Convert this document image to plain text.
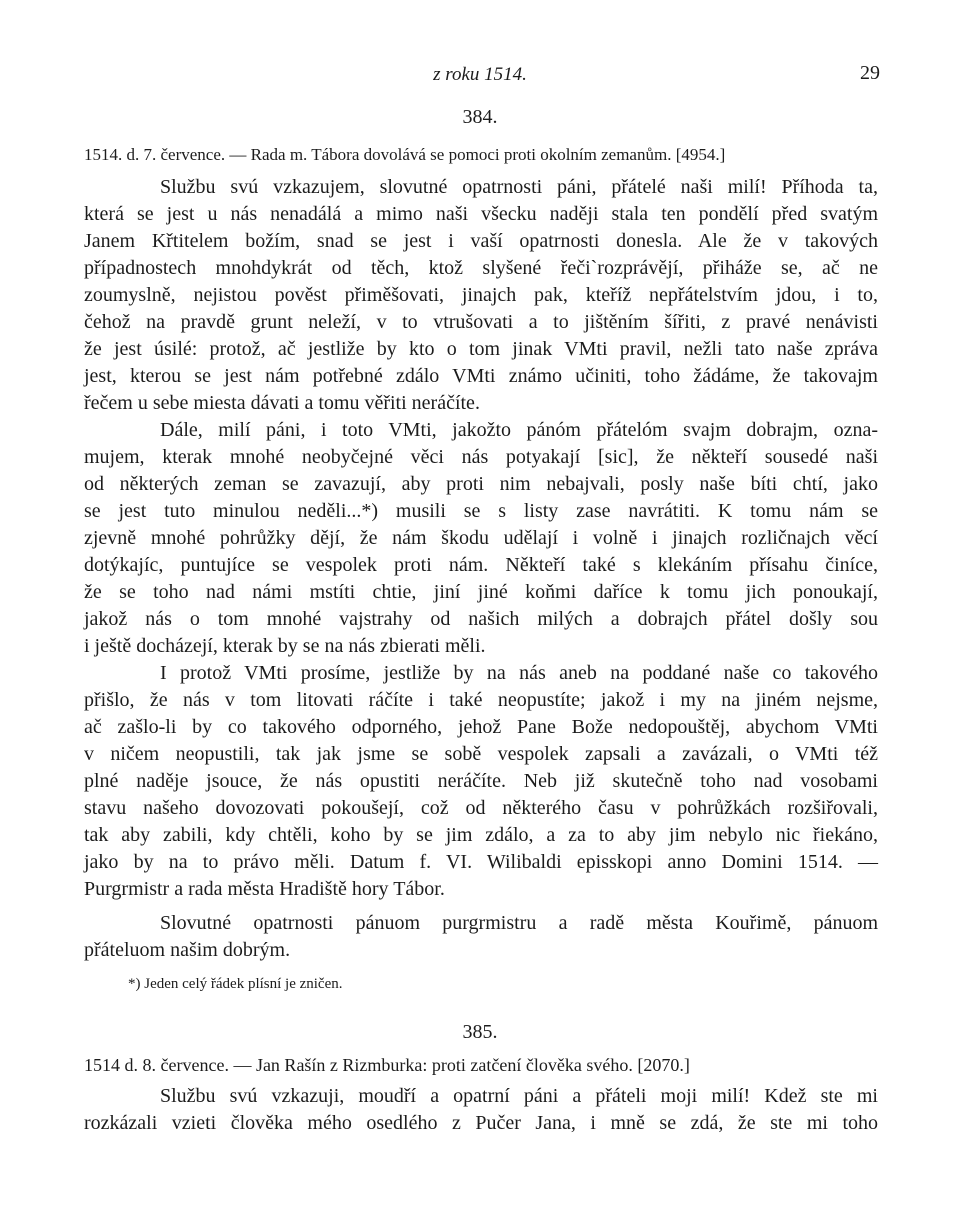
z roku 1514.	29
384.
1514. d. 7. července. — Rada m. Tábora dovolává se pomoci proti okolním zemanům. [4954.]
Službu svú vzkazujem, slovutné opatrnosti páni, přátelé naši milí! Příhoda ta,
která se jest u nás nenadálá a mimo naši všecku naději stala ten pondělí před svatým
Janem Křtitelem božím, snad se jest i vaší opatrnosti donesla. Ale že v takových
případnostech mnohdykrát od těch, ktož slyšené řeči`rozprávějí, přiháže se, ač ne
zoumyslně, nejistou pověst přiměšovati, jinajch pak, kteříž nepřátelstvím jdou, i to,
čehož na pravdě grunt neleží, v to vtrušovati a to jištěním šířiti, z pravé nenávisti
že jest úsilé: protož, ač jestliže by kto o tom jinak VMti pravil, nežli tato naše zpráva
jest, kterou se jest nám potřebné zdálo VMti známo učiniti, toho žádáme, že takovajm
řečem u sebe miesta dávati a tomu věřiti neráčíte.
Dále, milí páni, i toto VMti, jakožto pánóm přátelóm svajm dobrajm, ozna-
mujem, kterak mnohé neobyčejné věci nás potyakají [sic], že někteří sousedé naši
od některých zeman se zavazují, aby proti nim nebajvali, posly naše bíti chtí, jako
se jest tuto minulou neděli...*) musili se s listy zase navrátiti. K tomu nám se
zjevně mnohé pohrůžky dějí, že nám škodu udělají i volně i jinajch rozličnajch věcí
dotýkajíc, puntujíce se vespolek proti nám. Někteří také s klekáním přísahu činíce,
že se toho nad námi mstíti chtie, jiní jiné koňmi daříce k tomu jich ponoukají,
jakož nás o tom mnohé vajstrahy od našich milých a dobrajch přátel došly sou
i ještě docházejí, kterak by se na nás zbierati měli.
I protož VMti prosíme, jestliže by na nás aneb na poddané naše co takového
přišlo, že nás v tom litovati ráčíte i také neopustíte; jakož i my na jiném nejsme,
ač zašlo-li by co takového odporného, jehož Pane Bože nedopouštěj, abychom VMti
v ničem neopustili, tak jak jsme se sobě vespolek zapsali a zavázali, o VMti též
plné naděje jsouce, že nás opustiti neráčíte. Neb již skutečně toho nad vosobami
stavu našeho dovozovati pokoušejí, což od některého času v pohrůžkách rozšiřovali,
tak aby zabili, kdy chtěli, koho by se jim zdálo, a za to aby jim nebylo nic řiekáno,
jako by na to právo měli. Datum f. VI. Wilibaldi episskopi anno Domini 1514. —
Purgrmistr a rada města Hradiště hory Tábor.
Slovutné opatrnosti pánuom purgrmistru a radě města Kouřimě, pánuom
přáteluom našim dobrým.
*) Jeden celý řádek plísní je zničen.
385.
1514 d. 8. července. — Jan Rašín z Rizmburka: proti zatčení člověka svého. [2070.]
Službu svú vzkazuji, moudří a opatrní páni a přáteli moji milí! Kdež ste mi
rozkázali vzieti člověka mého osedlého z Pučer Jana, i mně se zdá, že ste mi toho
